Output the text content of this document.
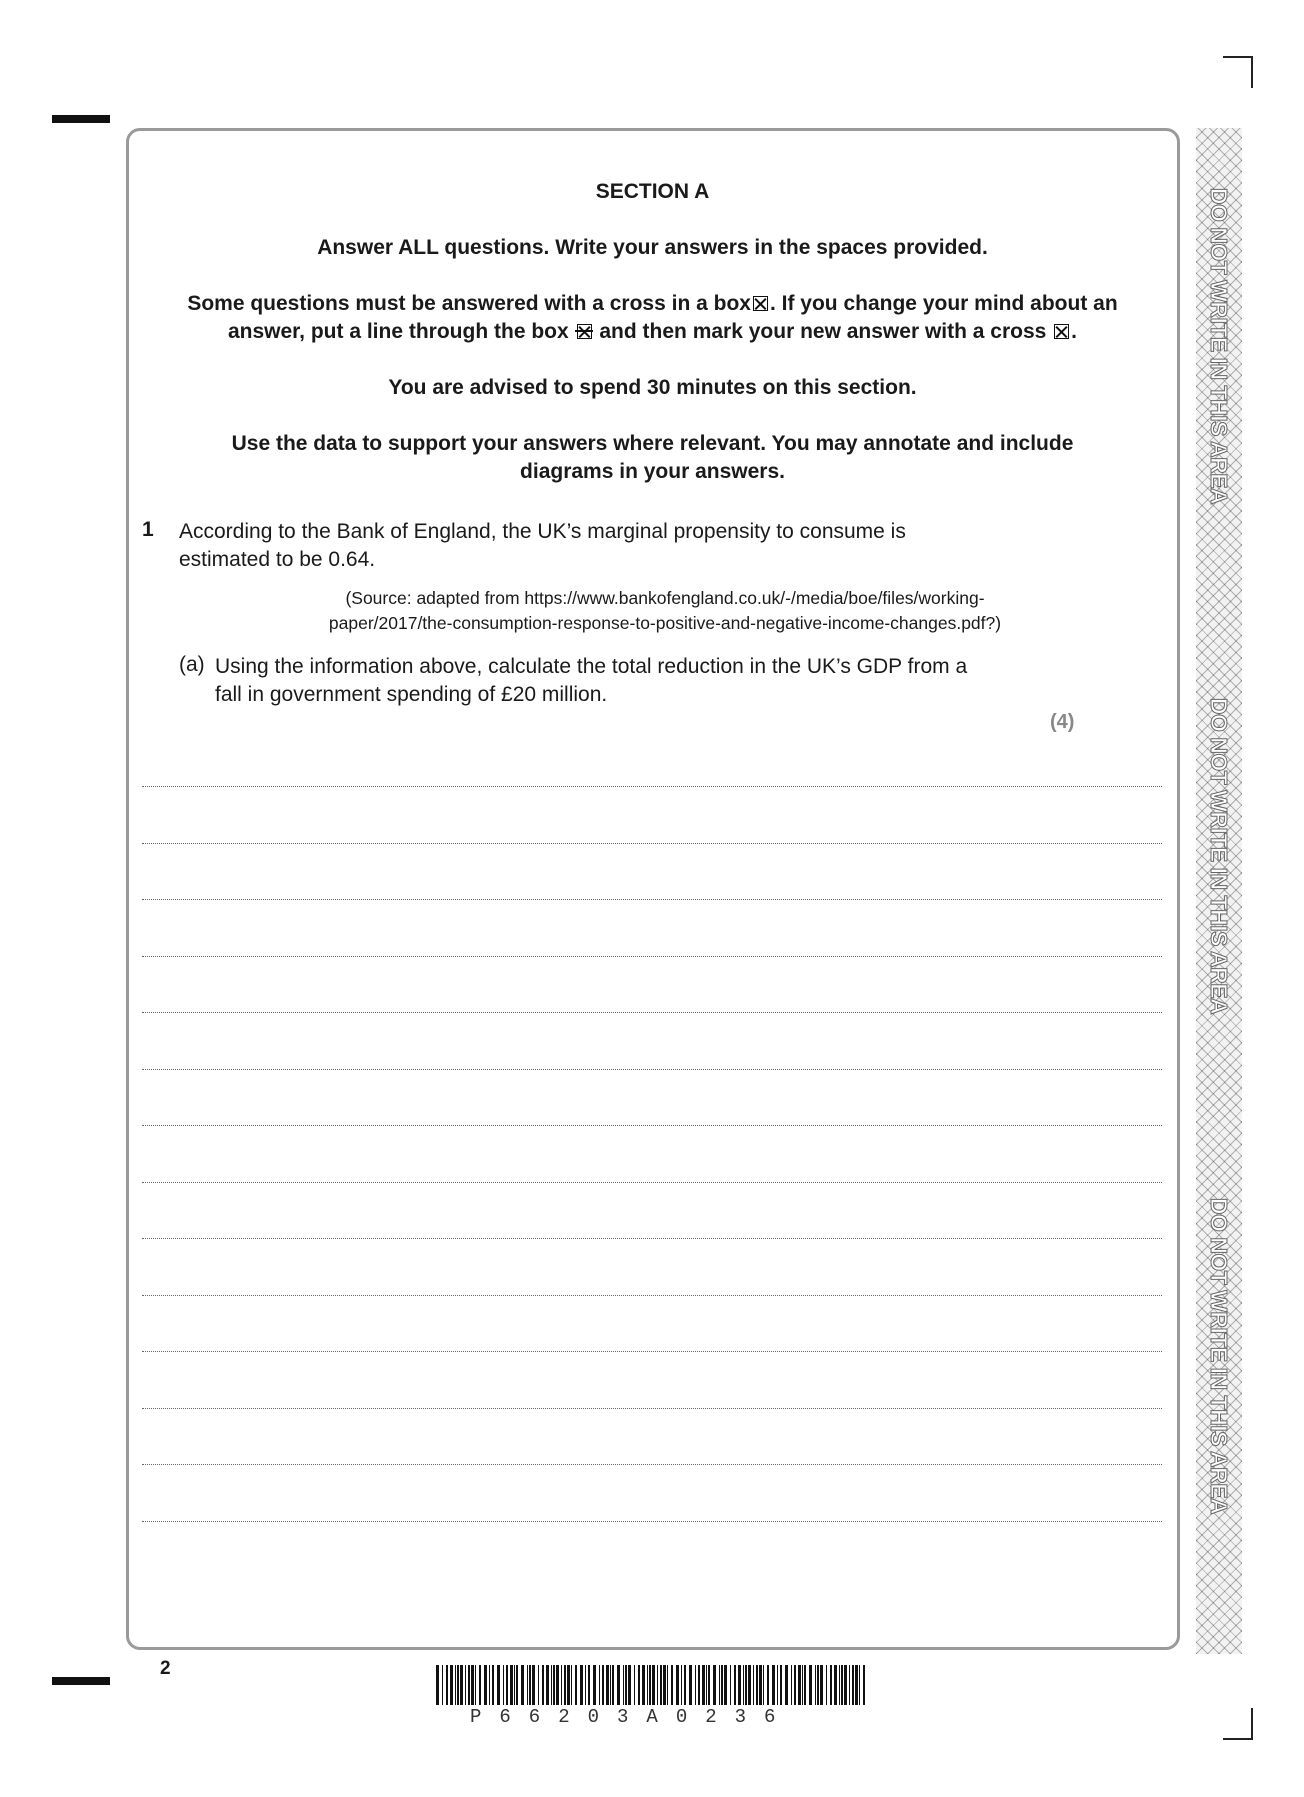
DO NOT WRITE IN THIS AREA
DO NOT WRITE IN THIS AREA
DO NOT WRITE IN THIS AREA
SECTION A
Answer ALL questions. Write your answers in the spaces provided.
Some questions must be answered with a cross in a box ☒ . If you change your mind about an
answer, put a line through the box and then mark your new answer with a cross ☒ .
You are advised to spend 30 minutes on this section.
Use the data to support your answers where relevant. You may annotate and include
diagrams in your answers.
1 According to the Bank of England, the UK’s marginal propensity to consume is
estimated to be 0.64.
(Source: adapted from https://www.bankofengland.co.uk/-/media/boe/files/working-
paper/2017/the-consumption-response-to-positive-and-negative-income-changes.pdf?)
(a) Using the information above, calculate the total reduction in the UK’s GDP from a
fall in government spending of £20 million.
(4)
2
P66203A0236
